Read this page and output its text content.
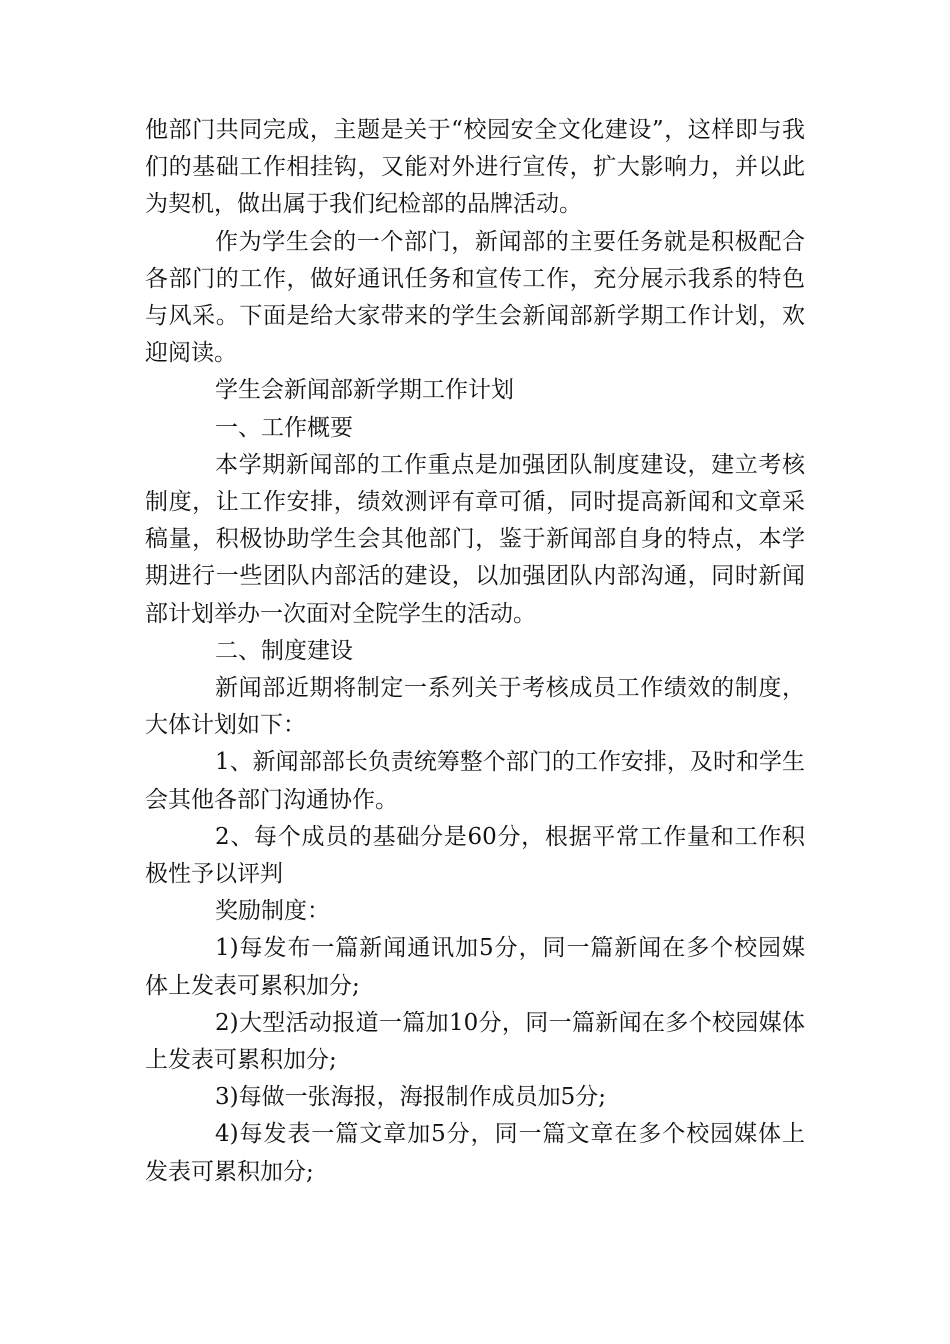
他部门共同完成，主题是关于“校园安全文化建设”，这样即与我们的基础工作相挂钩，又能对外进行宣传，扩大影响力，并以此为契机，做出属于我们纪检部的品牌活动。

作为学生会的一个部门，新闻部的主要任务就是积极配合各部门的工作，做好通讯任务和宣传工作，充分展示我系的特色与风采。下面是给大家带来的学生会新闻部新学期工作计划，欢迎阅读。

学生会新闻部新学期工作计划

一、工作概要

本学期新闻部的工作重点是加强团队制度建设，建立考核制度，让工作安排，绩效测评有章可循，同时提高新闻和文章采稿量，积极协助学生会其他部门，鉴于新闻部自身的特点，本学期进行一些团队内部活的建设，以加强团队内部沟通，同时新闻部计划举办一次面对全院学生的活动。

二、制度建设

新闻部近期将制定一系列关于考核成员工作绩效的制度，大体计划如下：

1、新闻部部长负责统筹整个部门的工作安排，及时和学生会其他各部门沟通协作。

2、每个成员的基础分是60分，根据平常工作量和工作积极性予以评判

奖励制度：

1)每发布一篇新闻通讯加5分，同一篇新闻在多个校园媒体上发表可累积加分;

2)大型活动报道一篇加10分，同一篇新闻在多个校园媒体上发表可累积加分;

3)每做一张海报，海报制作成员加5分;

4)每发表一篇文章加5分，同一篇文章在多个校园媒体上发表可累积加分;
